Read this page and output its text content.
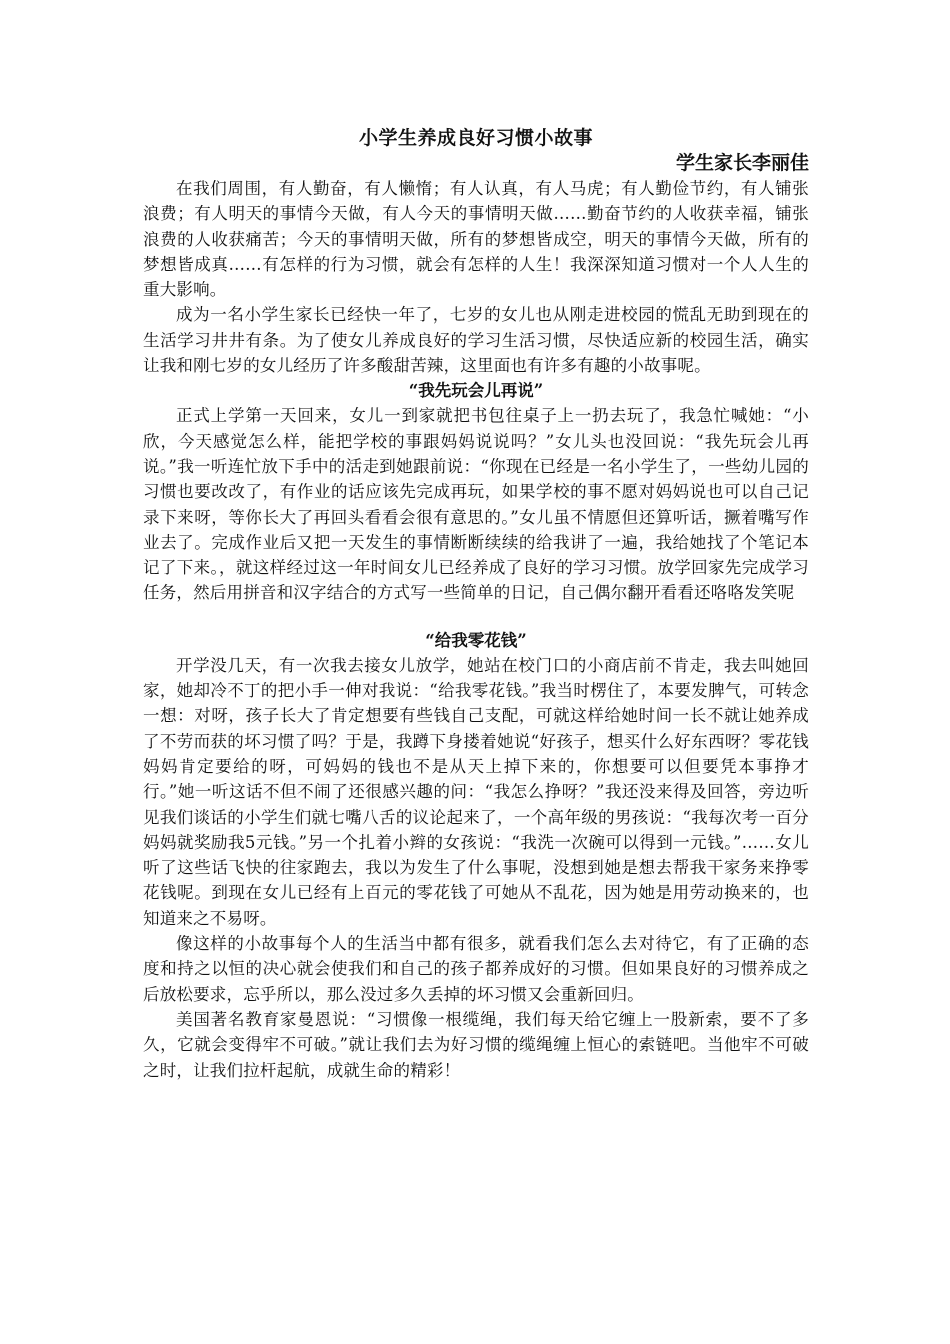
小学生养成良好习惯小故事
学生家长李丽佳

在我们周围，有人勤奋，有人懒惰；有人认真，有人马虎；有人勤俭节约，有人铺张浪费；有人明天的事情今天做，有人今天的事情明天做……勤奋节约的人收获幸福，铺张浪费的人收获痛苦；今天的事情明天做，所有的梦想皆成空，明天的事情今天做，所有的梦想皆成真……有怎样的行为习惯，就会有怎样的人生！我深深知道习惯对一个人人生的重大影响。

成为一名小学生家长已经快一年了，七岁的女儿也从刚走进校园的慌乱无助到现在的生活学习井井有条。为了使女儿养成良好的学习生活习惯，尽快适应新的校园生活，确实让我和刚七岁的女儿经历了许多酸甜苦辣，这里面也有许多有趣的小故事呢。

“我先玩会儿再说”

正式上学第一天回来，女儿一到家就把书包往桌子上一扔去玩了，我急忙喊她：“小欣，今天感觉怎么样，能把学校的事跟妈妈说说吗？”女儿头也没回说：“我先玩会儿再说。”我一听连忙放下手中的活走到她跟前说：“你现在已经是一名小学生了，一些幼儿园的习惯也要改改了，有作业的话应该先完成再玩，如果学校的事不愿对妈妈说也可以自己记录下来呀，等你长大了再回头看看会很有意思的。”女儿虽不情愿但还算听话，撅着嘴写作业去了。完成作业后又把一天发生的事情断断续续的给我讲了一遍，我给她找了个笔记本记了下来。，就这样经过这一年时间女儿已经养成了良好的学习习惯。放学回家先完成学习任务，然后用拼音和汉字结合的方式写一些简单的日记，自己偶尔翻开看看还咯咯发笑呢

“给我零花钱”

开学没几天，有一次我去接女儿放学，她站在校门口的小商店前不肯走，我去叫她回家，她却冷不丁的把小手一伸对我说：“给我零花钱。”我当时楞住了，本要发脾气，可转念一想：对呀，孩子长大了肯定想要有些钱自己支配，可就这样给她时间一长不就让她养成了不劳而获的坏习惯了吗？于是，我蹲下身搂着她说“好孩子，想买什么好东西呀？零花钱妈妈肯定要给的呀，可妈妈的钱也不是从天上掉下来的，你想要可以但要凭本事挣才行。”她一听这话不但不闹了还很感兴趣的问：“我怎么挣呀？”我还没来得及回答，旁边听见我们谈话的小学生们就七嘴八舌的议论起来了，一个高年级的男孩说：“我每次考一百分妈妈就奖励我5元钱。”另一个扎着小辫的女孩说：“我洗一次碗可以得到一元钱。”……女儿听了这些话飞快的往家跑去，我以为发生了什么事呢，没想到她是想去帮我干家务来挣零花钱呢。到现在女儿已经有上百元的零花钱了可她从不乱花，因为她是用劳动换来的，也知道来之不易呀。

像这样的小故事每个人的生活当中都有很多，就看我们怎么去对待它，有了正确的态度和持之以恒的决心就会使我们和自己的孩子都养成好的习惯。但如果良好的习惯养成之后放松要求，忘乎所以，那么没过多久丢掉的坏习惯又会重新回归。

美国著名教育家曼恩说：“习惯像一根缆绳，我们每天给它缠上一股新索，要不了多久，它就会变得牢不可破。”就让我们去为好习惯的缆绳缠上恒心的索链吧。当他牢不可破之时，让我们拉杆起航，成就生命的精彩！
